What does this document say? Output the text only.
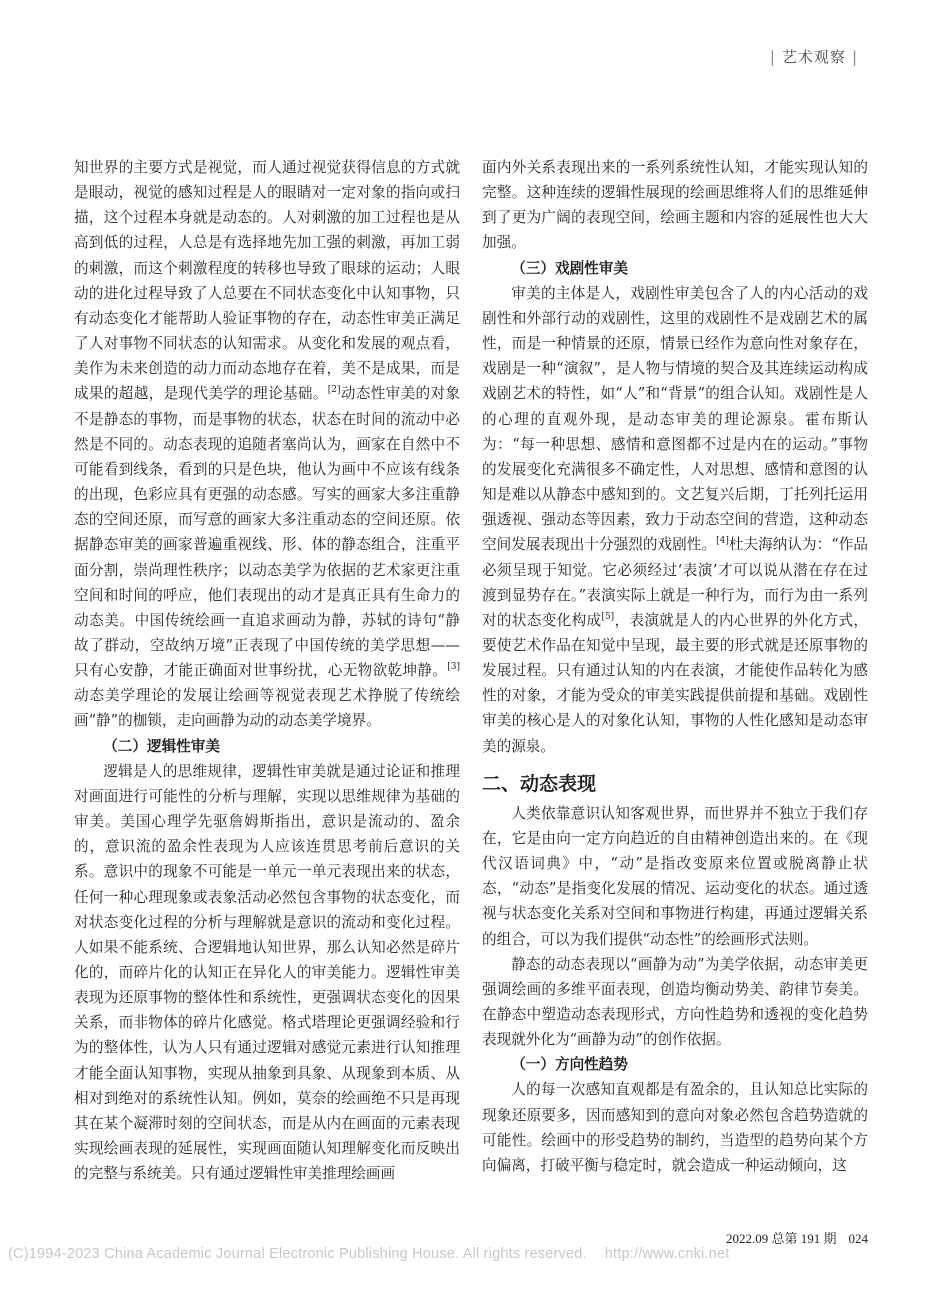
| 艺术观察 |

知世界的主要方式是视觉，而人通过视觉获得信息的方式就是眼动，视觉的感知过程是人的眼睛对一定对象的指向或扫描，这个过程本身就是动态的。人对刺激的加工过程也是从高到低的过程，人总是有选择地先加工强的刺激，再加工弱的刺激，而这个刺激程度的转移也导致了眼球的运动；人眼动的进化过程导致了人总要在不同状态变化中认知事物，只有动态变化才能帮助人验证事物的存在，动态性审美正满足了人对事物不同状态的认知需求。从变化和发展的观点看，美作为未来创造的动力而动态地存在着，美不是成果，而是成果的超越，是现代美学的理论基础。[2]动态性审美的对象不是静态的事物，而是事物的状态，状态在时间的流动中必然是不同的。动态表现的追随者塞尚认为，画家在自然中不可能看到线条，看到的只是色块，他认为画中不应该有线条的出现，色彩应具有更强的动态感。写实的画家大多注重静态的空间还原，而写意的画家大多注重动态的空间还原。依据静态审美的画家普遍重视线、形、体的静态组合，注重平面分割，崇尚理性秩序；以动态美学为依据的艺术家更注重空间和时间的呼应，他们表现出的动才是真正具有生命力的动态美。中国传统绘画一直追求画动为静，苏轼的诗句“静故了群动，空故纳万境”正表现了中国传统的美学思想——只有心安静，才能正确面对世事纷扰，心无物欲乾坤静。[3]动态美学理论的发展让绘画等视觉表现艺术挣脱了传统绘画“静”的枷锁，走向画静为动的动态美学境界。

（二）逻辑性审美

逻辑是人的思维规律，逻辑性审美就是通过论证和推理对画面进行可能性的分析与理解，实现以思维规律为基础的审美。美国心理学先驱詹姆斯指出，意识是流动的、盈余的，意识流的盈余性表现为人应该连贯思考前后意识的关系。意识中的现象不可能是一单元一单元表现出来的状态，任何一种心理现象或表象活动必然包含事物的状态变化，而对状态变化过程的分析与理解就是意识的流动和变化过程。人如果不能系统、合逻辑地认知世界，那么认知必然是碎片化的，而碎片化的认知正在异化人的审美能力。逻辑性审美表现为还原事物的整体性和系统性，更强调状态变化的因果关系，而非物体的碎片化感觉。格式塔理论更强调经验和行为的整体性，认为人只有通过逻辑对感觉元素进行认知推理才能全面认知事物，实现从抽象到具象、从现象到本质、从相对到绝对的系统性认知。例如，莫奈的绘画绝不只是再现其在某个凝滞时刻的空间状态，而是从内在画面的元素表现实现绘画表现的延展性，实现画面随认知理解变化而反映出的完整与系统美。只有通过逻辑性审美推理绘画画

面内外关系表现出来的一系列系统性认知，才能实现认知的完整。这种连续的逻辑性展现的绘画思维将人们的思维延伸到了更为广阔的表现空间，绘画主题和内容的延展性也大大加强。

（三）戏剧性审美

审美的主体是人，戏剧性审美包含了人的内心活动的戏剧性和外部行动的戏剧性，这里的戏剧性不是戏剧艺术的属性，而是一种情景的还原，情景已经作为意向性对象存在，戏剧是一种“演叙”，是人物与情境的契合及其连续运动构成戏剧艺术的特性，如“人”和“背景”的组合认知。戏剧性是人的心理的直观外现，是动态审美的理论源泉。霍布斯认为：“每一种思想、感情和意图都不过是内在的运动。”事物的发展变化充满很多不确定性，人对思想、感情和意图的认知是难以从静态中感知到的。文艺复兴后期，丁托列托运用强透视、强动态等因素，致力于动态空间的营造，这种动态空间发展表现出十分强烈的戏剧性。[4]杜夫海纳认为：“作品必须呈现于知觉。它必须经过‘表演’才可以说从潜在存在过渡到显势存在。”表演实际上就是一种行为，而行为由一系列对的状态变化构成[5]，表演就是人的内心世界的外化方式，要使艺术作品在知觉中呈现，最主要的形式就是还原事物的发展过程。只有通过认知的内在表演，才能使作品转化为感性的对象，才能为受众的审美实践提供前提和基础。戏剧性审美的核心是人的对象化认知，事物的人性化感知是动态审美的源泉。

二、动态表现

人类依靠意识认知客观世界，而世界并不独立于我们存在，它是由向一定方向趋近的自由精神创造出来的。在《现代汉语词典》中，“动”是指改变原来位置或脱离静止状态，“动态”是指变化发展的情况、运动变化的状态。通过透视与状态变化关系对空间和事物进行构建，再通过逻辑关系的组合，可以为我们提供“动态性”的绘画形式法则。

静态的动态表现以“画静为动”为美学依据，动态审美更强调绘画的多维平面表现，创造均衡动势美、韵律节奏美。在静态中塑造动态表现形式，方向性趋势和透视的变化趋势表现就外化为“画静为动”的创作依据。

（一）方向性趋势

人的每一次感知直观都是有盈余的，且认知总比实际的现象还原要多，因而感知到的意向对象必然包含趋势造就的可能性。绘画中的形受趋势的制约，当造型的趋势向某个方向偏离，打破平衡与稳定时，就会造成一种运动倾向，这

2022.09 总第 191 期 024
(C)1994-2023 China Academic Journal Electronic Publishing House. All rights reserved. http://www.cnki.net
